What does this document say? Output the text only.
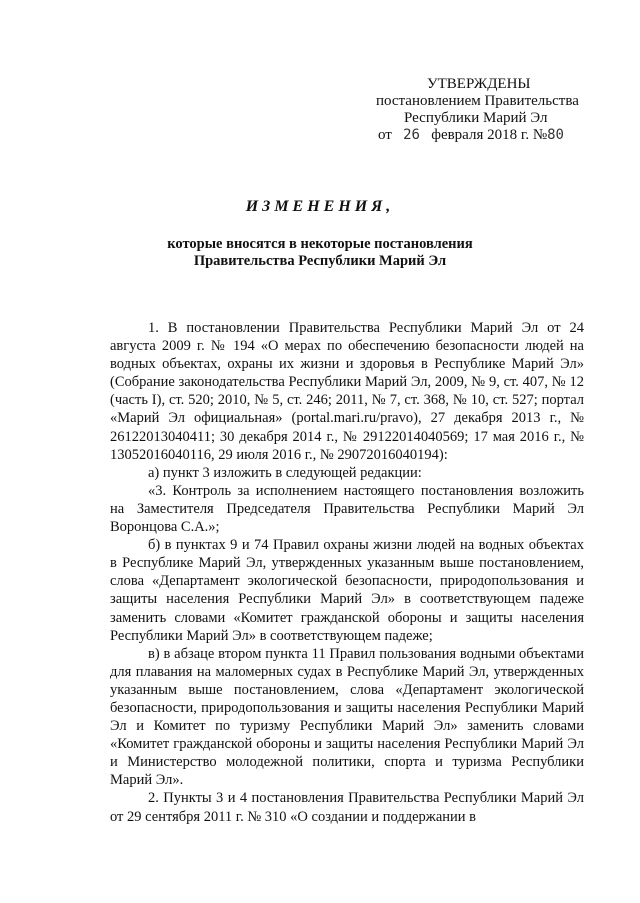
УТВЕРЖДЕНЫ
постановлением Правительства
Республики Марий Эл
от 26 февраля 2018 г. №80
ИЗМЕНЕНИЯ,
которые вносятся в некоторые постановления
Правительства Республики Марий Эл

1. В постановлении Правительства Республики Марий Эл от 24 августа 2009 г. № 194 «О мерах по обеспечению безопасности людей на водных объектах, охраны их жизни и здоровья в Республике Марий Эл» (Собрание законодательства Республики Марий Эл, 2009, № 9, ст. 407, № 12 (часть I), ст. 520; 2010, № 5, ст. 246; 2011, № 7, ст. 368, № 10, ст. 527; портал «Марий Эл официальная» (portal.mari.ru/pravo), 27 декабря 2013 г., № 26122013040411; 30 декабря 2014 г., № 29122014040569; 17 мая 2016 г., № 13052016040116, 29 июля 2016 г., № 29072016040194):

а) пункт 3 изложить в следующей редакции:

«3. Контроль за исполнением настоящего постановления возложить на Заместителя Председателя Правительства Республики Марий Эл Воронцова С.А.»;

б) в пунктах 9 и 74 Правил охраны жизни людей на водных объектах в Республике Марий Эл, утвержденных указанным выше постановлением, слова «Департамент экологической безопасности, природопользования и защиты населения Республики Марий Эл» в соответствующем падеже заменить словами «Комитет гражданской обороны и защиты населения Республики Марий Эл» в соответствующем падеже;

в) в абзаце втором пункта 11 Правил пользования водными объектами для плавания на маломерных судах в Республике Марий Эл, утвержденных указанным выше постановлением, слова «Департамент экологической безопасности, природопользования и защиты населения Республики Марий Эл и Комитет по туризму Республики Марий Эл» заменить словами «Комитет гражданской обороны и защиты населения Республики Марий Эл и Министерство молодежной политики, спорта и туризма Республики Марий Эл».

2. Пункты 3 и 4 постановления Правительства Республики Марий Эл от 29 сентября 2011 г. № 310 «О создании и поддержании в
